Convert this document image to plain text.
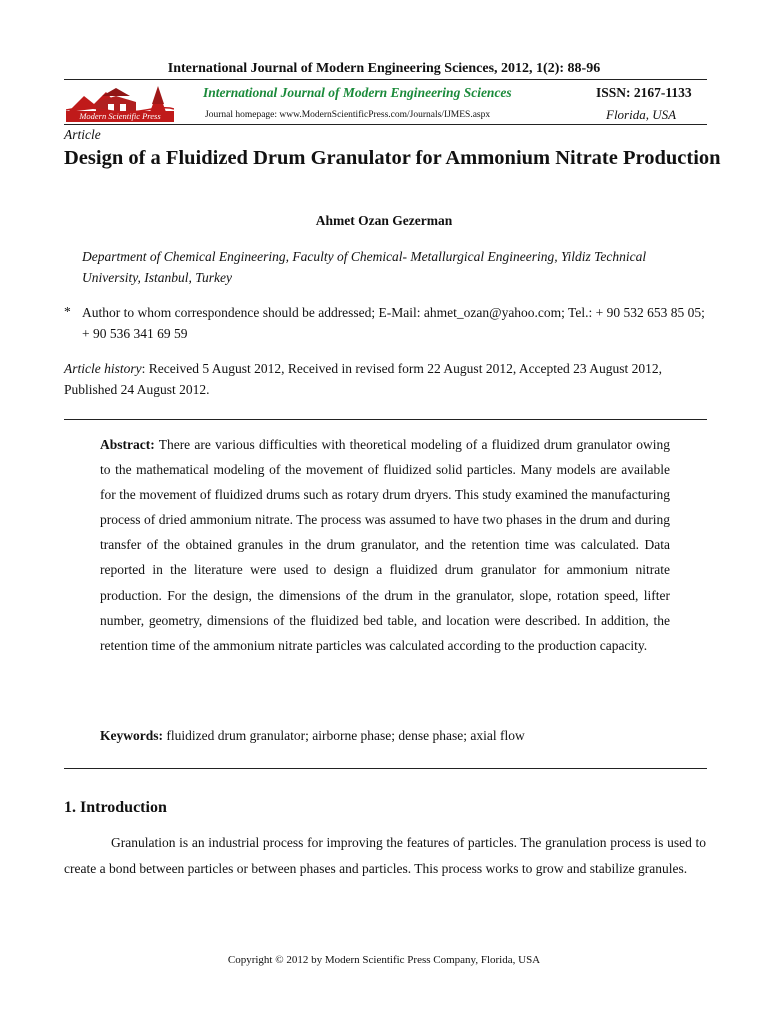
International Journal of Modern Engineering Sciences, 2012, 1(2): 88-96
Modern Scientific Press
International Journal of Modern Engineering Sciences	ISSN: 2167-1133
Journal homepage: www.ModernScientificPress.com/Journals/IJMES.aspx	Florida, USA
Article
Design of a Fluidized Drum Granulator for Ammonium Nitrate Production
Ahmet Ozan Gezerman
Department of Chemical Engineering, Faculty of Chemical- Metallurgical Engineering, Yildiz Technical University, Istanbul, Turkey
* Author to whom correspondence should be addressed; E-Mail: ahmet_ozan@yahoo.com; Tel.: + 90 532 653 85 05; + 90 536 341 69 59
Article history: Received 5 August 2012, Received in revised form 22 August 2012, Accepted 23 August 2012, Published 24 August 2012.
Abstract: There are various difficulties with theoretical modeling of a fluidized drum granulator owing to the mathematical modeling of the movement of fluidized solid particles. Many models are available for the movement of fluidized drums such as rotary drum dryers. This study examined the manufacturing process of dried ammonium nitrate. The process was assumed to have two phases in the drum and during transfer of the obtained granules in the drum granulator, and the retention time was calculated. Data reported in the literature were used to design a fluidized drum granulator for ammonium nitrate production. For the design, the dimensions of the drum in the granulator, slope, rotation speed, lifter number, geometry, dimensions of the fluidized bed table, and location were described. In addition, the retention time of the ammonium nitrate particles was calculated according to the production capacity.
Keywords: fluidized drum granulator; airborne phase; dense phase; axial flow
1. Introduction
Granulation is an industrial process for improving the features of particles. The granulation process is used to create a bond between particles or between phases and particles. This process works to grow and stabilize granules.
Copyright © 2012 by Modern Scientific Press Company, Florida, USA
